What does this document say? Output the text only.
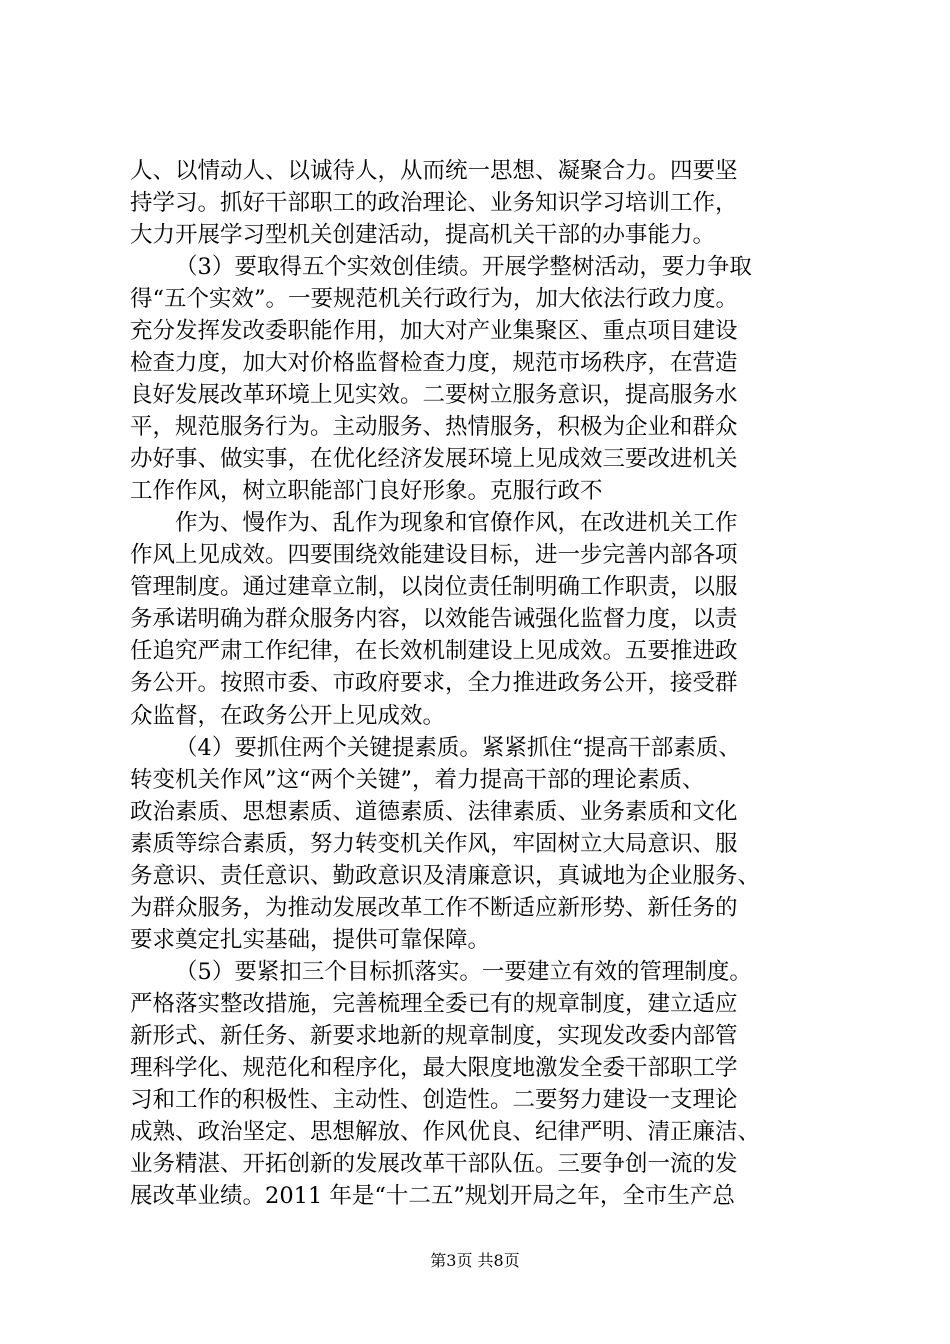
人、以情动人、以诚待人，从而统一思想、凝聚合力。四要坚
持学习。抓好干部职工的政治理论、业务知识学习培训工作，
大力开展学习型机关创建活动，提高机关干部的办事能力。
（3）要取得五个实效创佳绩。开展学整树活动，要力争取
得“五个实效”。一要规范机关行政行为，加大依法行政力度。
充分发挥发改委职能作用，加大对产业集聚区、重点项目建设
检查力度，加大对价格监督检查力度，规范市场秩序，在营造
良好发展改革环境上见实效。二要树立服务意识，提高服务水
平，规范服务行为。主动服务、热情服务，积极为企业和群众
办好事、做实事，在优化经济发展环境上见成效三要改进机关
工作作风，树立职能部门良好形象。克服行政不
作为、慢作为、乱作为现象和官僚作风，在改进机关工作
作风上见成效。四要围绕效能建设目标，进一步完善内部各项
管理制度。通过建章立制，以岗位责任制明确工作职责，以服
务承诺明确为群众服务内容，以效能告诫强化监督力度，以责
任追究严肃工作纪律，在长效机制建设上见成效。五要推进政
务公开。按照市委、市政府要求，全力推进政务公开，接受群
众监督，在政务公开上见成效。
（4）要抓住两个关键提素质。紧紧抓住“提高干部素质、
转变机关作风”这“两个关键”，着力提高干部的理论素质、
政治素质、思想素质、道德素质、法律素质、业务素质和文化
素质等综合素质，努力转变机关作风，牢固树立大局意识、服
务意识、责任意识、勤政意识及清廉意识，真诚地为企业服务、
为群众服务，为推动发展改革工作不断适应新形势、新任务的
要求奠定扎实基础，提供可靠保障。
（5）要紧扣三个目标抓落实。一要建立有效的管理制度。
严格落实整改措施，完善梳理全委已有的规章制度，建立适应
新形式、新任务、新要求地新的规章制度，实现发改委内部管
理科学化、规范化和程序化，最大限度地激发全委干部职工学
习和工作的积极性、主动性、创造性。二要努力建设一支理论
成熟、政治坚定、思想解放、作风优良、纪律严明、清正廉洁、
业务精湛、开拓创新的发展改革干部队伍。三要争创一流的发
展改革业绩。2011 年是“十二五”规划开局之年，全市生产总
第3页 共8页
